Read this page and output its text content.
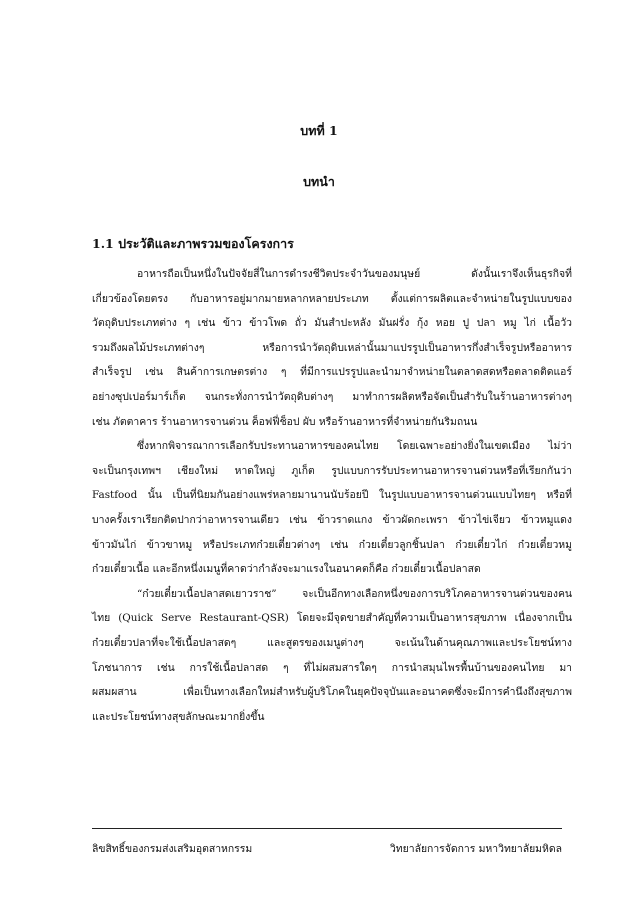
บทที่ 1
บทนำ
1.1 ประวัติและภาพรวมของโครงการ

อาหารถือเป็นหนึ่งในปัจจัยสี่ในการดำรงชีวิตประจำวันของมนุษย์ ดังนั้นเราจึงเห็นธุรกิจที่
เกี่ยวข้องโดยตรง กับอาหารอยู่มากมายหลากหลายประเภท ตั้งแต่การผลิตและจำหน่ายในรูปแบบของ
วัตถุดิบประเภทต่าง ๆ เช่น ข้าว ข้าวโพด ถั่ว มันสำปะหลัง มันฝรั่ง กุ้ง หอย ปู ปลา หมู ไก่ เนื้อวัว
รวมถึงผลไม้ประเภทต่างๆ หรือการนำวัตถุดิบเหล่านั้นมาแปรรูปเป็นอาหารกึ่งสำเร็จรูปหรืออาหาร
สำเร็จรูป เช่น สินค้าการเกษตรต่าง ๆ ที่มีการแปรรูปและนำมาจำหน่ายในตลาดสดหรือตลาดติดแอร์
อย่างซุปเปอร์มาร์เก็ต จนกระทั่งการนำวัตถุดิบต่างๆ มาทำการผลิตหรือจัดเป็นสำรับในร้านอาหารต่างๆ
เช่น ภัตตาคาร ร้านอาหารจานด่วน ค็อฟฟี่ช็อป ผับ หรือร้านอาหารที่จำหน่ายกันริมถนน

ซึ่งหากพิจารณาการเลือกรับประทานอาหารของคนไทย โดยเฉพาะอย่างยิ่งในเขตเมือง ไม่ว่า
จะเป็นกรุงเทพฯ เชียงใหม่ หาดใหญ่ ภูเก็ต รูปแบบการรับประทานอาหารจานด่วนหรือที่เรียกกันว่า
Fastfood นั้น เป็นที่นิยมกันอย่างแพร่หลายมานานนับร้อยปี ในรูปแบบอาหารจานด่วนแบบไทยๆ หรือที่
บางครั้งเราเรียกติดปากว่าอาหารจานเดียว เช่น ข้าวราดแกง ข้าวผัดกะเพรา ข้าวไข่เจียว ข้าวหมูแดง
ข้าวมันไก่ ข้าวขาหมู หรือประเภทก๋วยเตี๋ยวต่างๆ เช่น ก๋วยเตี๋ยวลูกชิ้นปลา ก๋วยเตี๋ยวไก่ ก๋วยเตี๋ยวหมู
ก๋วยเตี๋ยวเนื้อ และอีกหนึ่งเมนูที่คาดว่ากำลังจะมาแรงในอนาคตก็คือ ก๋วยเตี๋ยวเนื้อปลาสด

“ก๋วยเตี๋ยวเนื้อปลาสดเยาวราช” จะเป็นอีกทางเลือกหนึ่งของการบริโภคอาหารจานด่วนของคน
ไทย (Quick Serve Restaurant-QSR) โดยจะมีจุดขายสำคัญที่ความเป็นอาหารสุขภาพ เนื่องจากเป็น
ก๋วยเตี๋ยวปลาที่จะใช้เนื้อปลาสดๆ และสูตรของเมนูต่างๆ จะเน้นในด้านคุณภาพและประโยชน์ทาง
โภชนาการ เช่น การใช้เนื้อปลาสด ๆ ที่ไม่ผสมสารใดๆ การนำสมุนไพรพื้นบ้านของคนไทย มา
ผสมผสาน เพื่อเป็นทางเลือกใหม่สำหรับผู้บริโภคในยุคปัจจุบันและอนาคตซึ่งจะมีการคำนึงถึงสุขภาพ
และประโยชน์ทางสุขลักษณะมากยิ่งขึ้น

ลิขสิทธิ์ของกรมส่งเสริมอุตสาหกรรม	วิทยาลัยการจัดการ มหาวิทยาลัยมหิดล
